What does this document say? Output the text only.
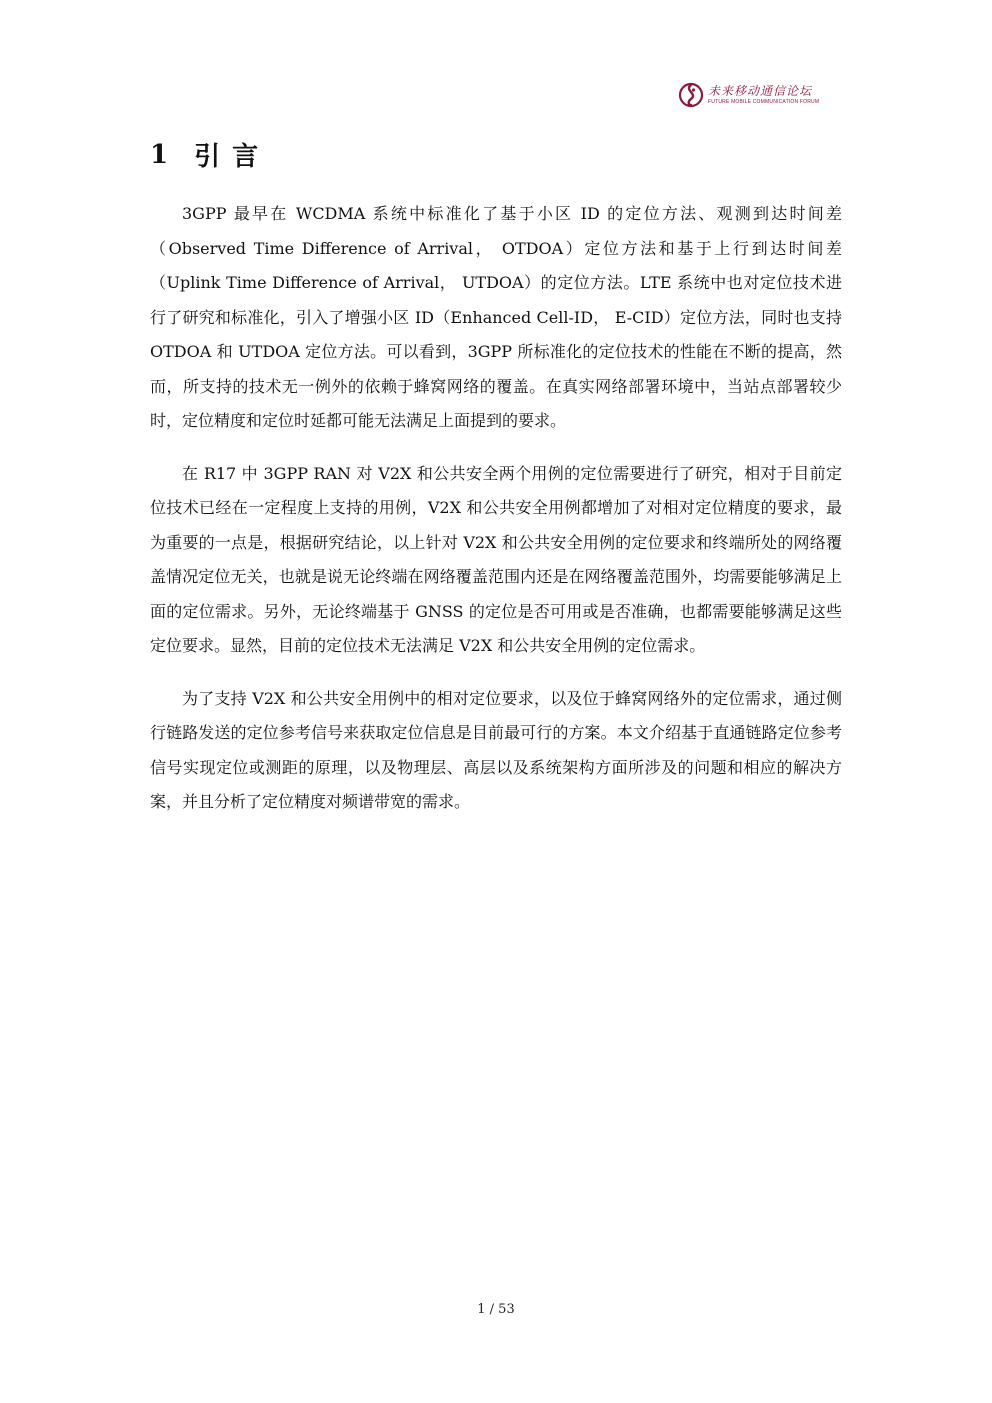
未来移动通信论坛
FUTURE MOBILE COMMUNICATION FORUM
1 引言

3GPP 最早在 WCDMA 系统中标准化了基于小区 ID 的定位方法、观测到达时间差（Observed Time Difference of Arrival， OTDOA）定位方法和基于上行到达时间差（Uplink Time Difference of Arrival， UTDOA）的定位方法。LTE 系统中也对定位技术进行了研究和标准化，引入了增强小区 ID（Enhanced Cell-ID， E-CID）定位方法，同时也支持 OTDOA 和 UTDOA 定位方法。可以看到，3GPP 所标准化的定位技术的性能在不断的提高，然而，所支持的技术无一例外的依赖于蜂窝网络的覆盖。在真实网络部署环境中，当站点部署较少时，定位精度和定位时延都可能无法满足上面提到的要求。

在 R17 中 3GPP RAN 对 V2X 和公共安全两个用例的定位需要进行了研究，相对于目前定位技术已经在一定程度上支持的用例，V2X 和公共安全用例都增加了对相对定位精度的要求，最为重要的一点是，根据研究结论，以上针对 V2X 和公共安全用例的定位要求和终端所处的网络覆盖情况定位无关，也就是说无论终端在网络覆盖范围内还是在网络覆盖范围外，均需要能够满足上面的定位需求。另外，无论终端基于 GNSS 的定位是否可用或是否准确，也都需要能够满足这些定位要求。显然，目前的定位技术无法满足 V2X 和公共安全用例的定位需求。

为了支持 V2X 和公共安全用例中的相对定位要求，以及位于蜂窝网络外的定位需求，通过侧行链路发送的定位参考信号来获取定位信息是目前最可行的方案。本文介绍基于直通链路定位参考信号实现定位或测距的原理，以及物理层、高层以及系统架构方面所涉及的问题和相应的解决方案，并且分析了定位精度对频谱带宽的需求。

1 / 53
